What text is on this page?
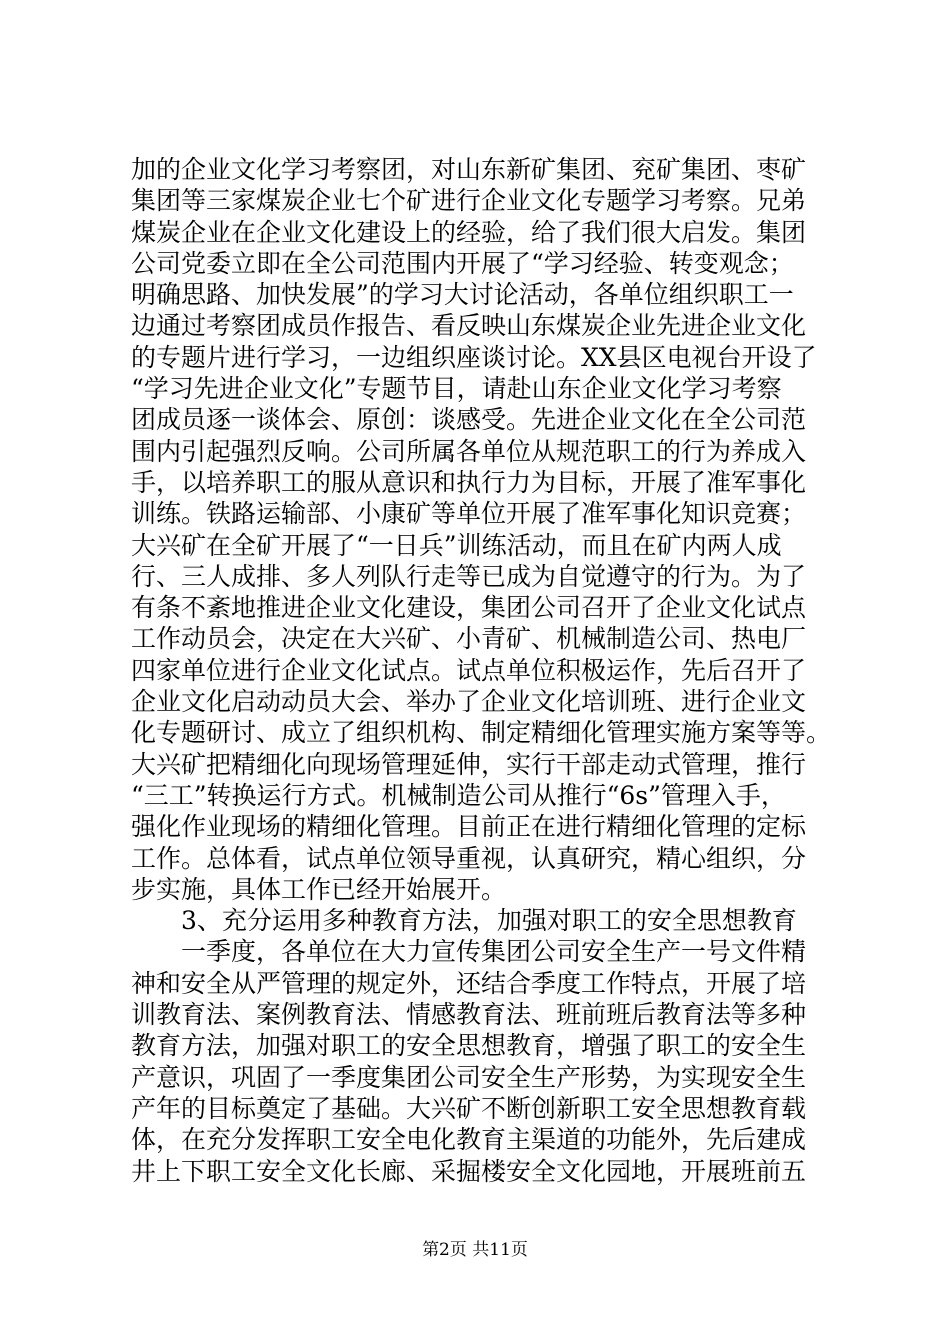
加的企业文化学习考察团，对山东新矿集团、兖矿集团、枣矿
集团等三家煤炭企业七个矿进行企业文化专题学习考察。兄弟
煤炭企业在企业文化建设上的经验，给了我们很大启发。集团
公司党委立即在全公司范围内开展了“学习经验、转变观念；
明确思路、加快发展”的学习大讨论活动，各单位组织职工一
边通过考察团成员作报告、看反映山东煤炭企业先进企业文化
的专题片进行学习，一边组织座谈讨论。XX县区电视台开设了
“学习先进企业文化”专题节目，请赴山东企业文化学习考察
团成员逐一谈体会、原创：谈感受。先进企业文化在全公司范
围内引起强烈反响。公司所属各单位从规范职工的行为养成入
手，以培养职工的服从意识和执行力为目标，开展了准军事化
训练。铁路运输部、小康矿等单位开展了准军事化知识竞赛；
大兴矿在全矿开展了“一日兵”训练活动，而且在矿内两人成
行、三人成排、多人列队行走等已成为自觉遵守的行为。为了
有条不紊地推进企业文化建设，集团公司召开了企业文化试点
工作动员会，决定在大兴矿、小青矿、机械制造公司、热电厂
四家单位进行企业文化试点。试点单位积极运作，先后召开了
企业文化启动动员大会、举办了企业文化培训班、进行企业文
化专题研讨、成立了组织机构、制定精细化管理实施方案等等。
大兴矿把精细化向现场管理延伸，实行干部走动式管理，推行
“三工”转换运行方式。机械制造公司从推行“6s”管理入手，
强化作业现场的精细化管理。目前正在进行精细化管理的定标
工作。总体看，试点单位领导重视，认真研究，精心组织，分
步实施，具体工作已经开始展开。
3、充分运用多种教育方法，加强对职工的安全思想教育
一季度，各单位在大力宣传集团公司安全生产一号文件精
神和安全从严管理的规定外，还结合季度工作特点，开展了培
训教育法、案例教育法、情感教育法、班前班后教育法等多种
教育方法，加强对职工的安全思想教育，增强了职工的安全生
产意识，巩固了一季度集团公司安全生产形势，为实现安全生
产年的目标奠定了基础。大兴矿不断创新职工安全思想教育载
体，在充分发挥职工安全电化教育主渠道的功能外，先后建成
井上下职工安全文化长廊、采掘楼安全文化园地，开展班前五
第2页 共11页
